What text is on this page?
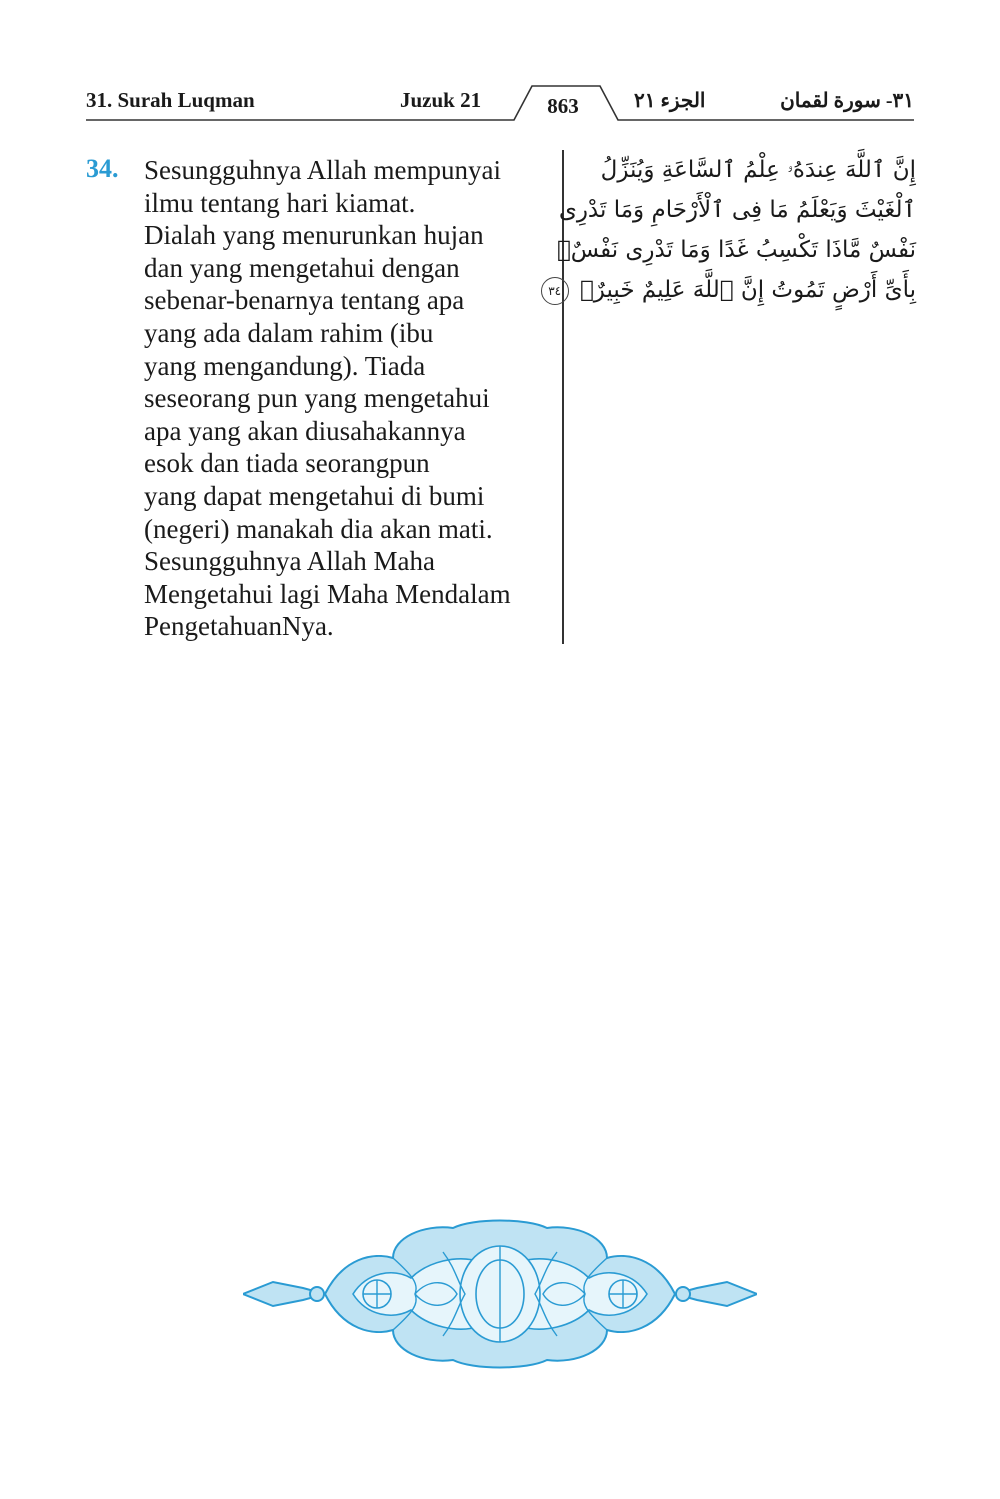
31. Surah Luqman	Juzuk 21	863	الجزء ٢١	٣١- سورة لقمان
34. Sesungguhnya Allah mempunyai
ilmu tentang hari kiamat.
Dialah yang menurunkan hujan
dan yang mengetahui dengan
sebenar-benarnya tentang apa
yang ada dalam rahim (ibu
yang mengandung). Tiada
seseorang pun yang mengetahui
apa yang akan diusahakannya
esok dan tiada seorangpun
yang dapat mengetahui di bumi
(negeri) manakah dia akan mati.
Sesungguhnya Allah Maha
Mengetahui lagi Maha Mendalam
PengetahuanNya.
إِنَّ ٱللَّهَ عِندَهُۥ عِلْمُ ٱلسَّاعَةِ وَيُنَزِّلُ
ٱلْغَيْثَ وَيَعْلَمُ مَا فِى ٱلْأَرْحَامِ وَمَا تَدْرِى
نَفْسٌ مَّاذَا تَكْسِبُ غَدًا وَمَا تَدْرِى نَفْسٌۢ
بِأَىِّ أَرْضٍ تَمُوتُ إِنَّ ٱللَّهَ عَلِيمٌ خَبِيرٌۢ ٣٤
